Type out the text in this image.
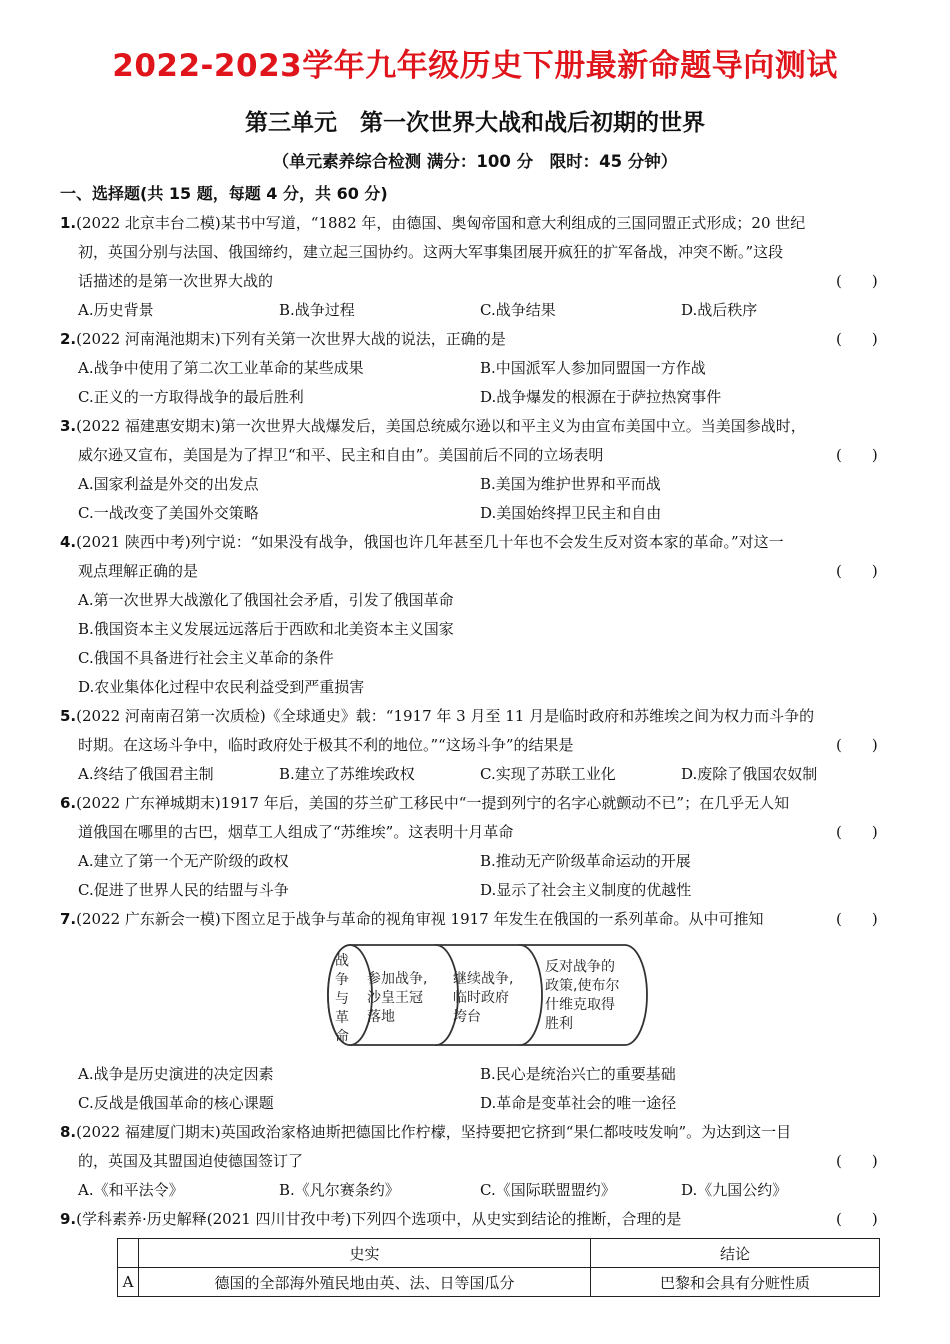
2022-2023学年九年级历史下册最新命题导向测试
第三单元　第一次世界大战和战后初期的世界
（单元素养综合检测 满分：100 分　限时：45 分钟）
一、选择题(共 15 题，每题 4 分，共 60 分)
1.(2022 北京丰台二模)某书中写道，“1882 年，由德国、奥匈帝国和意大利组成的三国同盟正式形成；20 世纪
初，英国分别与法国、俄国缔约，建立起三国协约。这两大军事集团展开疯狂的扩军备战，冲突不断。”这段
话描述的是第一次世界大战的	(　　)
A.历史背景	B.战争过程	C.战争结果	D.战后秩序
2.(2022 河南渑池期末)下列有关第一次世界大战的说法，正确的是	(　　)
A.战争中使用了第二次工业革命的某些成果	B.中国派军人参加同盟国一方作战
C.正义的一方取得战争的最后胜利	D.战争爆发的根源在于萨拉热窝事件
3.(2022 福建惠安期末)第一次世界大战爆发后，美国总统威尔逊以和平主义为由宣布美国中立。当美国参战时，
威尔逊又宣布，美国是为了捍卫“和平、民主和自由”。美国前后不同的立场表明	(　　)
A.国家利益是外交的出发点	B.美国为维护世界和平而战
C.一战改变了美国外交策略	D.美国始终捍卫民主和自由
4.(2021 陕西中考)列宁说：“如果没有战争，俄国也许几年甚至几十年也不会发生反对资本家的革命。”对这一
观点理解正确的是	(　　)
A.第一次世界大战激化了俄国社会矛盾，引发了俄国革命
B.俄国资本主义发展远远落后于西欧和北美资本主义国家
C.俄国不具备进行社会主义革命的条件
D.农业集体化过程中农民利益受到严重损害
5.(2022 河南南召第一次质检)《全球通史》载：“1917 年 3 月至 11 月是临时政府和苏维埃之间为权力而斗争的
时期。在这场斗争中，临时政府处于极其不利的地位。”“这场斗争”的结果是	(　　)
A.终结了俄国君主制	B.建立了苏维埃政权	C.实现了苏联工业化	D.废除了俄国农奴制
6.(2022 广东禅城期末)1917 年后，美国的芬兰矿工移民中“一提到列宁的名字心就颤动不已”；在几乎无人知
道俄国在哪里的古巴，烟草工人组成了“苏维埃”。这表明十月革命	(　　)
A.建立了第一个无产阶级的政权	B.推动无产阶级革命运动的开展
C.促进了世界人民的结盟与斗争	D.显示了社会主义制度的优越性
7.(2022 广东新会一模)下图立足于战争与革命的视角审视 1917 年发生在俄国的一系列革命。从中可推知	(　　)
战
争
与
革
命
参加战争,
沙皇王冠
落地
继续战争,
临时政府
垮台
反对战争的
政策,使布尔
什维克取得
胜利
A.战争是历史演进的决定因素	B.民心是统治兴亡的重要基础
C.反战是俄国革命的核心课题	D.革命是变革社会的唯一途径
8.(2022 福建厦门期末)英国政治家格迪斯把德国比作柠檬，坚持要把它挤到“果仁都吱吱发响”。为达到这一目
的，英国及其盟国迫使德国签订了	(　　)
A.《和平法令》	B.《凡尔赛条约》	C.《国际联盟盟约》	D.《九国公约》
9.(学科素养·历史解释(2021 四川甘孜中考)下列四个选项中，从史实到结论的推断，合理的是	(　　)
	史实	结论
A	德国的全部海外殖民地由英、法、日等国瓜分	巴黎和会具有分赃性质
